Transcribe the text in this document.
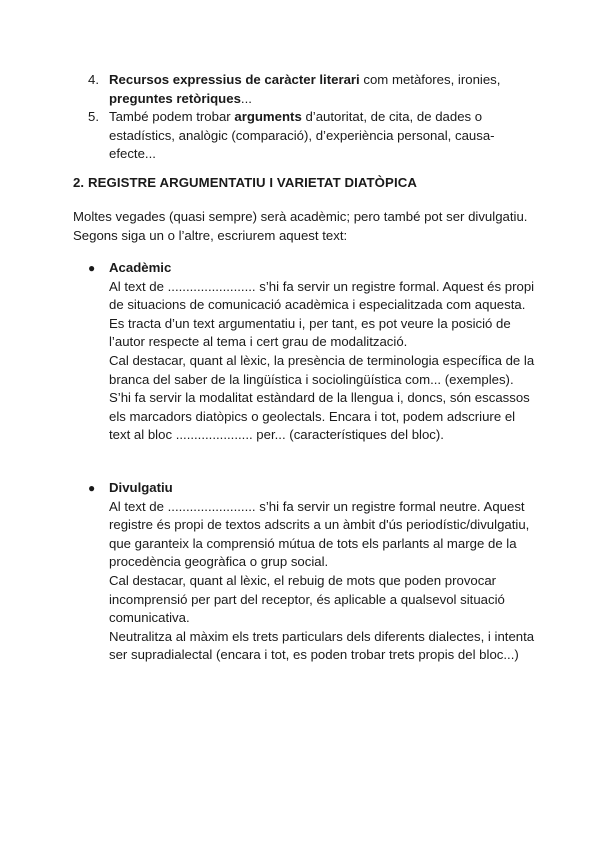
4. Recursos expressius de caràcter literari com metàfores, ironies,
preguntes retòriques...
5. També podem trobar arguments d’autoritat, de cita, de dades o estadístics, analògic (comparació), d’experiència personal, causa-efecte...
2. REGISTRE ARGUMENTATIU I VARIETAT DIATÒPICA

Moltes vegades (quasi sempre) serà acadèmic; pero també pot ser divulgatiu. Segons siga un o l’altre, escriurem aquest text:

● Acadèmic

Al text de ........................ s’hi fa servir un registre formal. Aquest és propi de situacions de comunicació acadèmica i especialitzada com aquesta.

Es tracta d’un text argumentatiu i, per tant, es pot veure la posició de l’autor respecte al tema i cert grau de modalització.

Cal destacar, quant al lèxic, la presència de terminologia específica de la branca del saber de la lingüística i sociolingüística com... (exemples).

S’hi fa servir la modalitat estàndard de la llengua i, doncs, són escassos els marcadors diatòpics o geolectals. Encara i tot, podem adscriure el text al bloc ..................... per... (característiques del bloc).

● Divulgatiu

Al text de ........................ s’hi fa servir un registre formal neutre. Aquest registre és propi de textos adscrits a un àmbit d'ús periodístic/divulgatiu, que garanteix la comprensió mútua de tots els parlants al marge de la procedència geogràfica o grup social.

Cal destacar, quant al lèxic, el rebuig de mots que poden provocar incomprensió per part del receptor, és aplicable a qualsevol situació comunicativa.

Neutralitza al màxim els trets particulars dels diferents dialectes, i intenta ser supradialectal (encara i tot, es poden trobar trets propis del bloc...)
